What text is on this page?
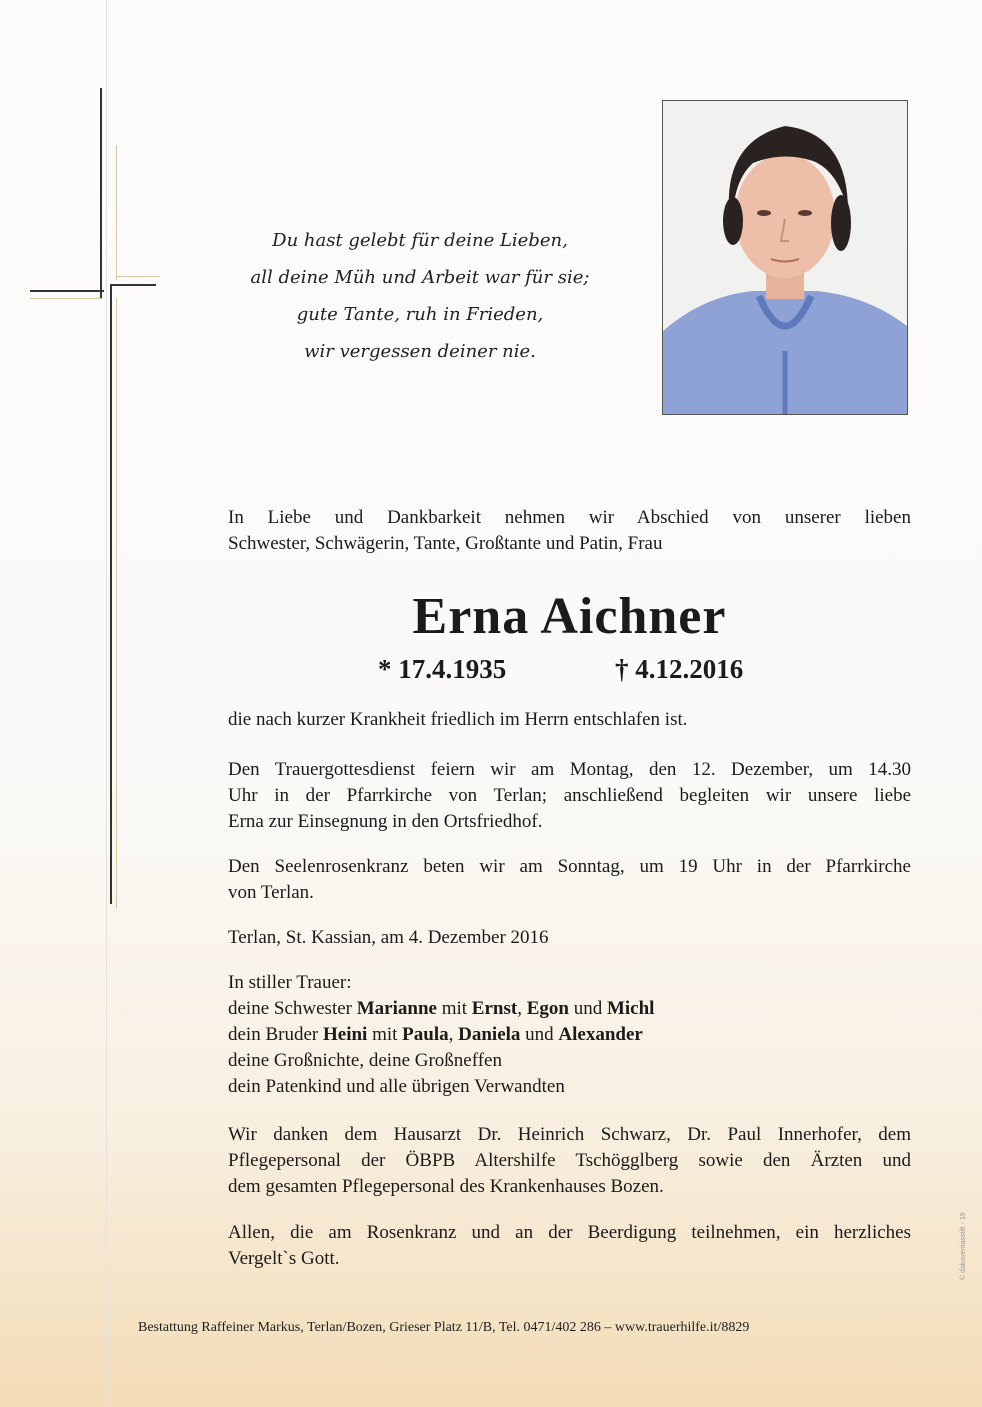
Du hast gelebt für deine Lieben,
all deine Müh und Arbeit war für sie;
gute Tante, ruh in Frieden,
wir vergessen deiner nie.
In Liebe und Dankbarkeit nehmen wir Abschied von unserer lieben
Schwester, Schwägerin, Tante, Großtante und Patin, Frau
Erna Aichner
* 17.4.1935	† 4.12.2016
die nach kurzer Krankheit friedlich im Herrn entschlafen ist.
Den Trauergottesdienst feiern wir am Montag, den 12. Dezember, um 14.30
Uhr in der Pfarrkirche von Terlan; anschließend begleiten wir unsere liebe
Erna zur Einsegnung in den Ortsfriedhof.
Den Seelenrosenkranz beten wir am Sonntag, um 19 Uhr in der Pfarrkirche
von Terlan.
Terlan, St. Kassian, am 4. Dezember 2016
In stiller Trauer:
deine Schwester Marianne mit Ernst, Egon und Michl
dein Bruder Heini mit Paula, Daniela und Alexander
deine Großnichte, deine Großneffen
dein Patenkind und alle übrigen Verwandten
Wir danken dem Hausarzt Dr. Heinrich Schwarz, Dr. Paul Innerhofer, dem
Pflegepersonal der ÖBPB Altershilfe Tschögglberg sowie den Ärzten und
dem gesamten Pflegepersonal des Krankenhauses Bozen.
Allen, die am Rosenkranz und an der Beerdigung teilnehmen, ein herzliches
Vergelt`s Gott.
Bestattung Raffeiner Markus, Terlan/Bozen, Grieser Platz 11/B, Tel. 0471/402 286 – www.trauerhilfe.it/8829
© dakoveritasstift - 19
